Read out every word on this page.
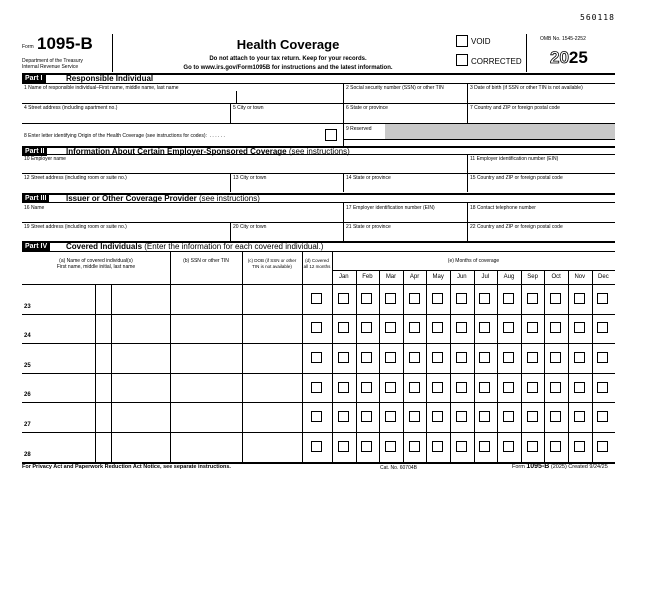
560118
Form 1095-B
Department of the Treasury
Internal Revenue Service
Health Coverage
Do not attach to your tax return. Keep for your records.
Go to www.irs.gov/Form1095B for instructions and the latest information.
VOID
CORRECTED
OMB No. 1545-2252
2025
Part I	Responsible Individual
1 Name of responsible individual–First name, middle name, last name	2 Social security number (SSN) or other TIN	3 Date of birth (if SSN or other TIN is not available)
4 Street address (including apartment no.)	5 City or town	6 State or province	7 Country and ZIP or foreign postal code
8 Enter letter identifying Origin of the Health Coverage (see instructions for codes): . . . . . .
9 Reserved
Part II	Information About Certain Employer-Sponsored Coverage (see instructions)
10 Employer name	11 Employer identification number (EIN)
12 Street address (including room or suite no.)	13 City or town	14 State or province	15 Country and ZIP or foreign postal code
Part III	Issuer or Other Coverage Provider (see instructions)
16 Name	17 Employer identification number (EIN)	18 Contact telephone number
19 Street address (including room or suite no.)	20 City or town	21 State or province	22 Country and ZIP or foreign postal code
Part IV	Covered Individuals (Enter the information for each covered individual.)
(a) Name of covered individual(s)
First name, middle initial, last name
(b) SSN or other TIN	(c) DOB (if SSN or other
TIN is not available)
(d) Covered
all 12 months
(e) Months of coverage
Jan	Feb	Mar	Apr	May	Jun	Jul	Aug	Sep	Oct	Nov	Dec
23
24
25
26
27
28
For Privacy Act and Paperwork Reduction Act Notice, see separate instructions.	Cat. No. 60704B	Form 1095-B (2025) Created 9/24/25
